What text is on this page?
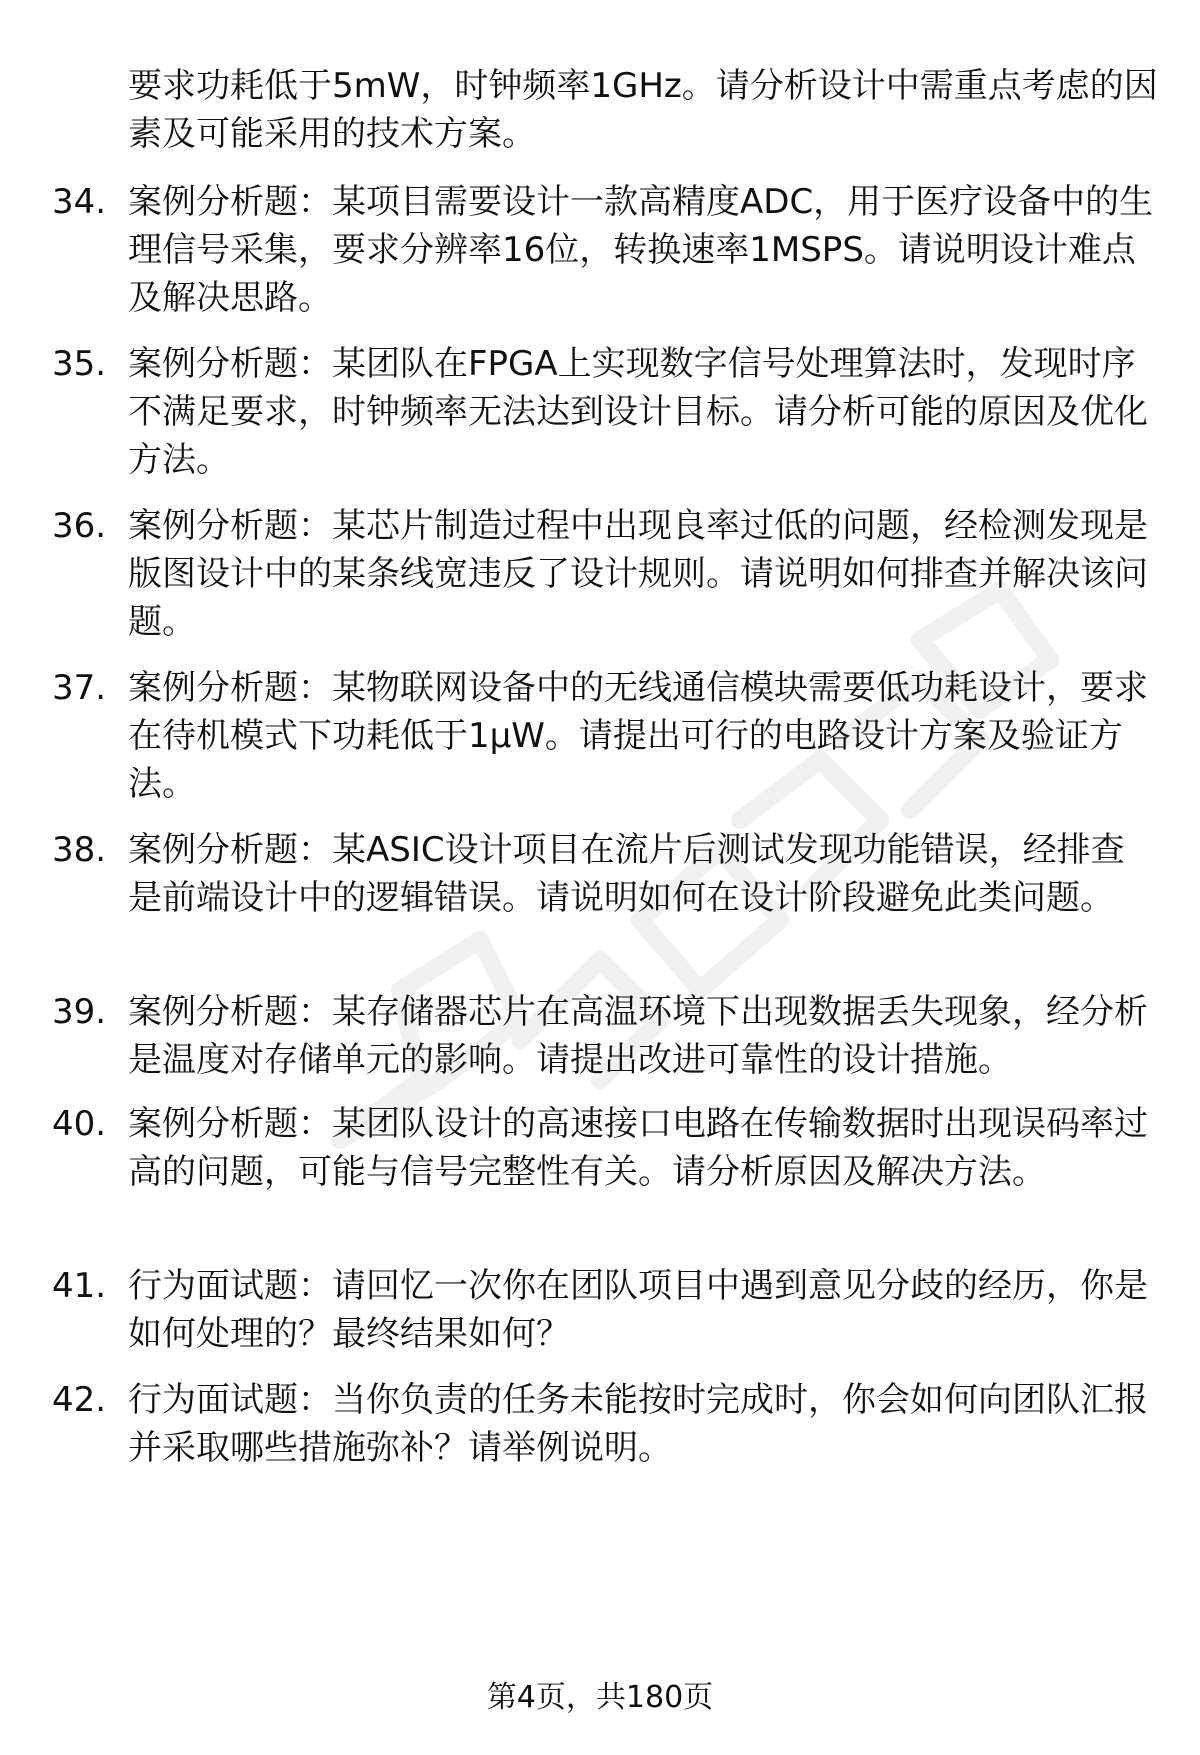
要求功耗低于5mW，时钟频率1GHz。请分析设计中需重点考虑的因素及可能采用的技术方案。

34. 案例分析题：某项目需要设计一款高精度ADC，用于医疗设备中的生理信号采集，要求分辨率16位，转换速率1MSPS。请说明设计难点及解决思路。

35. 案例分析题：某团队在FPGA上实现数字信号处理算法时，发现时序不满足要求，时钟频率无法达到设计目标。请分析可能的原因及优化方法。

36. 案例分析题：某芯片制造过程中出现良率过低的问题，经检测发现是版图设计中的某条线宽违反了设计规则。请说明如何排查并解决该问题。

37. 案例分析题：某物联网设备中的无线通信模块需要低功耗设计，要求在待机模式下功耗低于1μW。请提出可行的电路设计方案及验证方法。

38. 案例分析题：某ASIC设计项目在流片后测试发现功能错误，经排查是前端设计中的逻辑错误。请说明如何在设计阶段避免此类问题。

39. 案例分析题：某存储器芯片在高温环境下出现数据丢失现象，经分析是温度对存储单元的影响。请提出改进可靠性的设计措施。

40. 案例分析题：某团队设计的高速接口电路在传输数据时出现误码率过高的问题，可能与信号完整性有关。请分析原因及解决方法。

41. 行为面试题：请回忆一次你在团队项目中遇到意见分歧的经历，你是如何处理的？最终结果如何？

42. 行为面试题：当你负责的任务未能按时完成时，你会如何向团队汇报并采取哪些措施弥补？请举例说明。

第4页，共180页
